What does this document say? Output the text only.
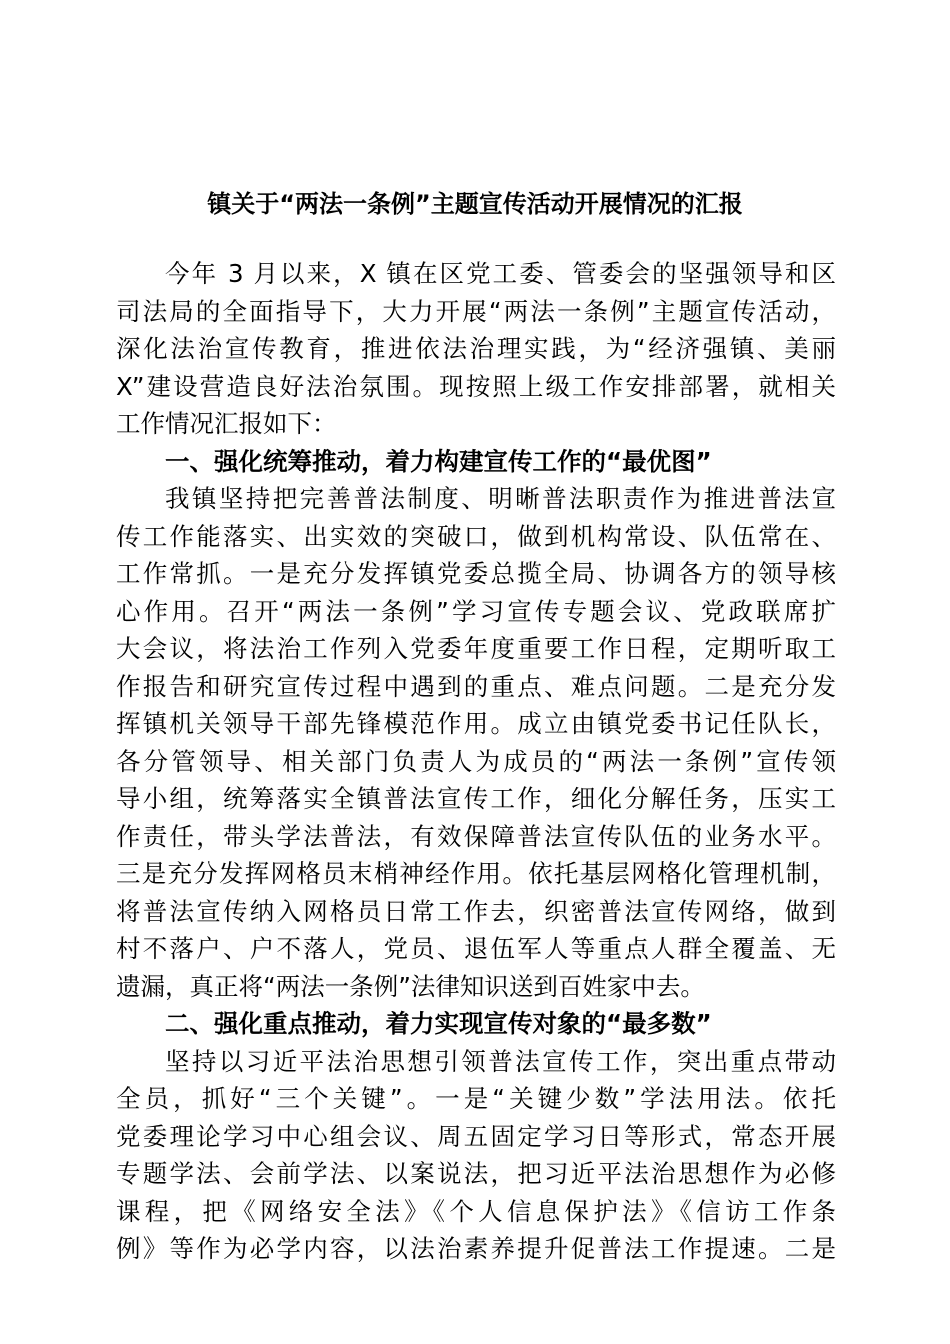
镇关于“两法一条例”主题宣传活动开展情况的汇报
今年 3 月以来，X 镇在区党工委、管委会的坚强领导和区
司法局的全面指导下，大力开展“两法一条例”主题宣传活动，
深化法治宣传教育，推进依法治理实践，为“经济强镇、美丽
X”建设营造良好法治氛围。现按照上级工作安排部署，就相关
工作情况汇报如下：
一、强化统筹推动，着力构建宣传工作的“最优图”
我镇坚持把完善普法制度、明晰普法职责作为推进普法宣
传工作能落实、出实效的突破口，做到机构常设、队伍常在、
工作常抓。一是充分发挥镇党委总揽全局、协调各方的领导核
心作用。召开“两法一条例”学习宣传专题会议、党政联席扩
大会议，将法治工作列入党委年度重要工作日程，定期听取工
作报告和研究宣传过程中遇到的重点、难点问题。二是充分发
挥镇机关领导干部先锋模范作用。成立由镇党委书记任队长，
各分管领导、相关部门负责人为成员的“两法一条例”宣传领
导小组，统筹落实全镇普法宣传工作，细化分解任务，压实工
作责任，带头学法普法，有效保障普法宣传队伍的业务水平。
三是充分发挥网格员末梢神经作用。依托基层网格化管理机制，
将普法宣传纳入网格员日常工作去，织密普法宣传网络，做到
村不落户、户不落人，党员、退伍军人等重点人群全覆盖、无
遗漏，真正将“两法一条例”法律知识送到百姓家中去。
二、强化重点推动，着力实现宣传对象的“最多数”
坚持以习近平法治思想引领普法宣传工作，突出重点带动
全员，抓好“三个关键”。一是“关键少数”学法用法。依托
党委理论学习中心组会议、周五固定学习日等形式，常态开展
专题学法、会前学法、以案说法，把习近平法治思想作为必修
课程，把《网络安全法》《个人信息保护法》《信访工作条
例》等作为必学内容，以法治素养提升促普法工作提速。二是
